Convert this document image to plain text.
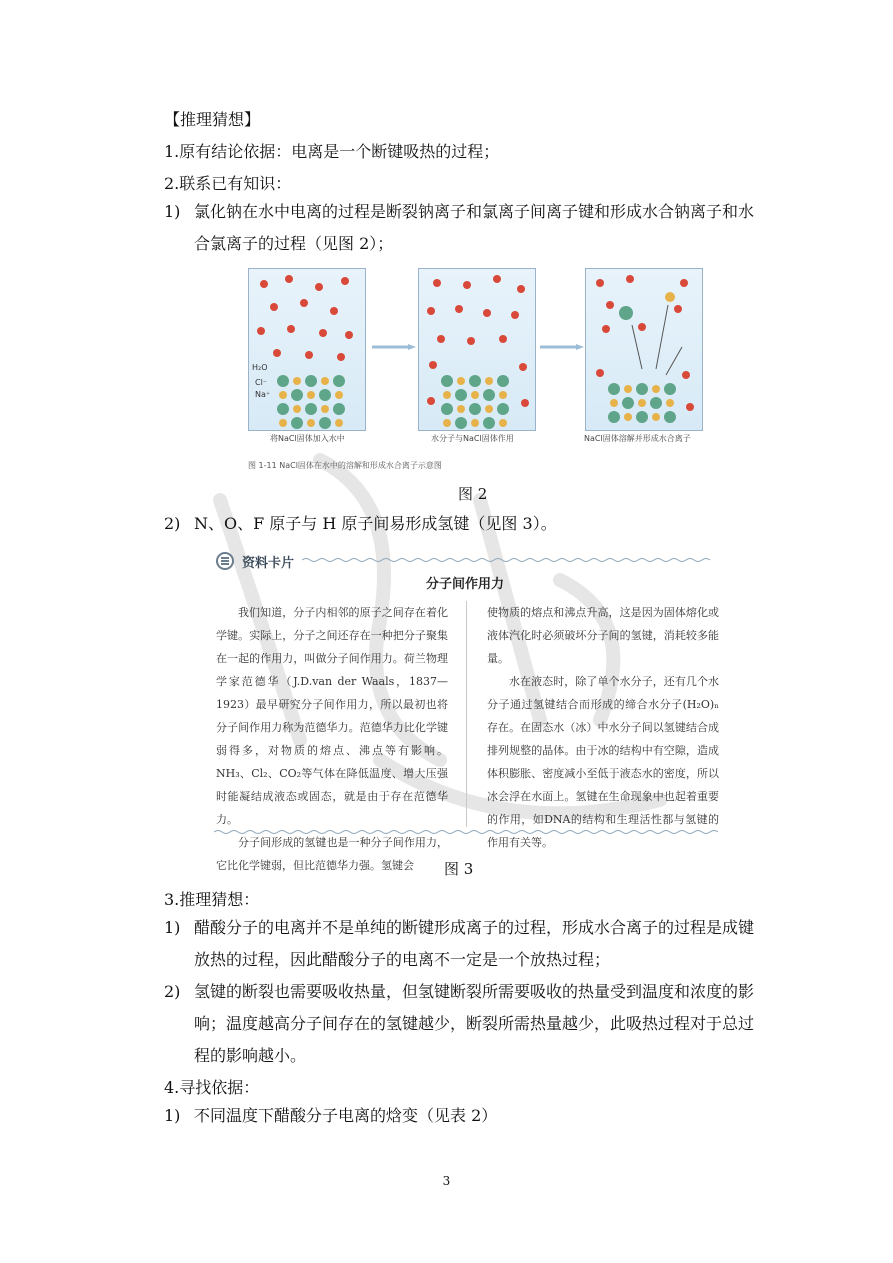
【推理猜想】
1.原有结论依据：电离是一个断键吸热的过程；
2.联系已有知识：
1) 氯化钠在水中电离的过程是断裂钠离子和氯离子间离子键和形成水合钠离子和水合氯离子的过程（见图 2）；
H₂O
Cl⁻
Na⁺
将NaCl固体加入水中	水分子与NaCl固体作用	NaCl固体溶解并形成水合离子
图 1-11 NaCl固体在水中的溶解和形成水合离子示意图
图 2
2) N、O、F 原子与 H 原子间易形成氢键（见图 3）。
资料卡片
分子间作用力

我们知道，分子内相邻的原子之间存在着化学键。实际上，分子之间还存在一种把分子聚集在一起的作用力，叫做分子间作用力。荷兰物理学家范德华（J.D.van der Waals，1837—1923）最早研究分子间作用力，所以最初也将分子间作用力称为范德华力。范德华力比化学键弱得多，对物质的熔点、沸点等有影响。NH₃、Cl₂、CO₂等气体在降低温度、增大压强时能凝结成液态或固态，就是由于存在范德华力。

分子间形成的氢键也是一种分子间作用力，它比化学键弱，但比范德华力强。氢键会

使物质的熔点和沸点升高，这是因为固体熔化或液体汽化时必须破坏分子间的氢键，消耗较多能量。

水在液态时，除了单个水分子，还有几个水分子通过氢键结合而形成的缔合水分子(H₂O)ₙ存在。在固态水（冰）中水分子间以氢键结合成排列规整的晶体。由于冰的结构中有空隙，造成体积膨胀、密度减小至低于液态水的密度，所以冰会浮在水面上。氢键在生命现象中也起着重要的作用，如DNA的结构和生理活性都与氢键的作用有关等。

图 3
3.推理猜想：
1) 醋酸分子的电离并不是单纯的断键形成离子的过程，形成水合离子的过程是成键放热的过程，因此醋酸分子的电离不一定是一个放热过程；
2) 氢键的断裂也需要吸收热量，但氢键断裂所需要吸收的热量受到温度和浓度的影响；温度越高分子间存在的氢键越少，断裂所需热量越少，此吸热过程对于总过程的影响越小。
4.寻找依据：
1) 不同温度下醋酸分子电离的焓变（见表 2）
3
